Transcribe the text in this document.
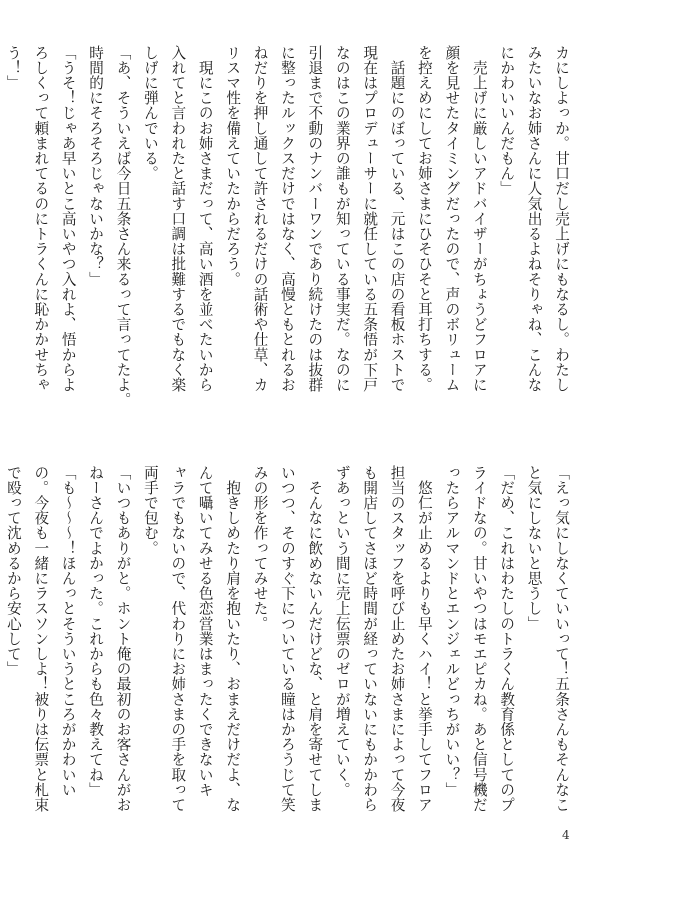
カにしよっか。甘口だし売上げにもなるし。わたし
みたいなお姉さんに人気出るよねそりゃね、こんな
にかわいいんだもん」
　売上げに厳しいアドバイザーがちょうどフロアに
顔を見せたタイミングだったので、声のボリューム
を控えめにしてお姉さまにひそひそと耳打ちする。
　話題にのぼっている、元はこの店の看板ホストで
現在はプロデューサーに就任している五条悟が下戸
なのはこの業界の誰もが知っている事実だ。なのに
引退まで不動のナンバーワンであり続けたのは抜群
に整ったルックスだけではなく、高慢ともとれるお
ねだりを押し通して許されるだけの話術や仕草、カ
リスマ性を備えていたからだろう。
　現にこのお姉さまだって、高い酒を並べたいから
入れてと言われたと話す口調は批難するでもなく楽
しげに弾んでいる。
「あ、そういえば今日五条さん来るって言ってたよ。
時間的にそろそろじゃないかな？」
「うそ！じゃあ早いとこ高いやつ入れよ、悟からよ
ろしくって頼まれてるのにトラくんに恥かかせちゃ
う！」
「えっ気にしなくていいって！五条さんもそんなこ
と気にしないと思うし」
「だめ、これはわたしのトラくん教育係としてのプ
ライドなの。甘いやつはモエピカね。あと信号機だ
ったらアルマンドとエンジェルどっちがいい？」
　悠仁が止めるよりも早くハイ！と挙手してフロア
担当のスタッフを呼び止めたお姉さまによって今夜
も開店してさほど時間が経っていないにもかかわら
ずあっという間に売上伝票のゼロが増えていく。
　そんなに飲めないんだけどな、と肩を寄せてしま
いつつ、そのすぐ下についている瞳はかろうじて笑
みの形を作ってみせた。
　抱きしめたり肩を抱いたり、おまえだけだよ、な
んて囁いてみせる色恋営業はまったくできないキ
ャラでもないので、代わりにお姉さまの手を取って
両手で包む。
「いつもありがと。ホント俺の最初のお客さんがお
ねーさんでよかった。これからも色々教えてね」
「も〜〜〜！ほんっとそういうところがかわいい
の。今夜も一緒にラスソンしよ！被りは伝票と札束
で殴って沈めるから安心して」
4
